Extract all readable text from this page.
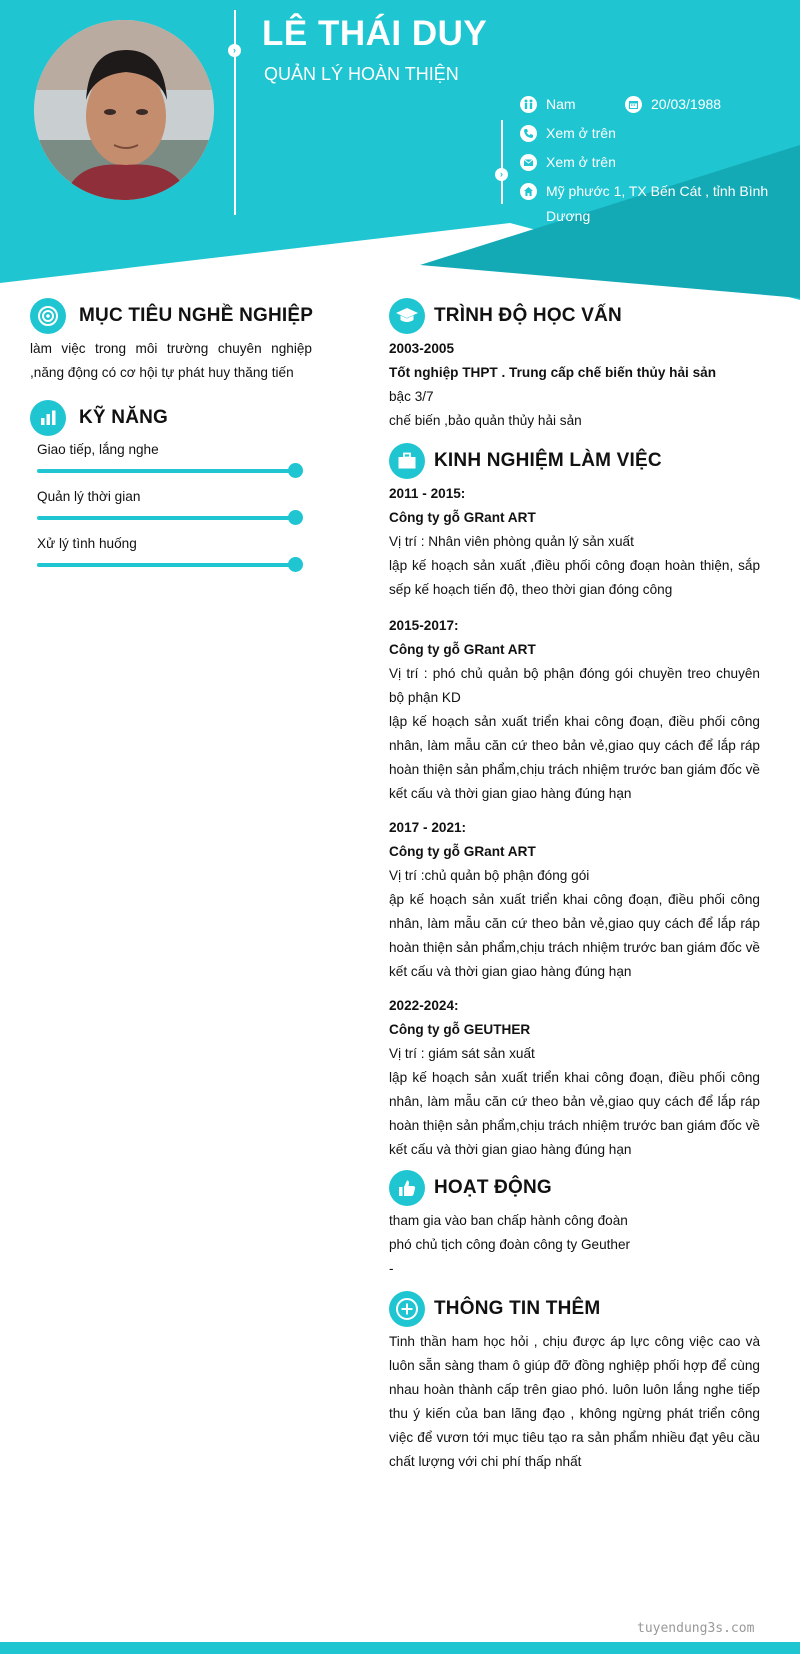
› LÊ THÁI DUY
QUẢN LÝ HOÀN THIỆN
›
Nam	20/03/1988
Xem ở trên
Xem ở trên
Mỹ phước 1, TX Bến Cát , tỉnh Bình Dương
MỤC TIÊU NGHỀ NGHIỆP
làm việc trong môi trường chuyên nghiệp ,năng động có cơ hội tự phát huy thăng tiến
KỸ NĂNG
Giao tiếp, lắng nghe
Quản lý thời gian
Xử lý tình huống
TRÌNH ĐỘ HỌC VẤN
2003-2005
Tốt nghiệp THPT . Trung cấp chế biến thủy hải sản
bậc 3/7
chế biến ,bảo quản thủy hải sản
KINH NGHIỆM LÀM VIỆC
2011 - 2015:
Công ty gỗ GRant ART
Vị trí : Nhân viên phòng quản lý sản xuất
lập kế hoạch sản xuất ,điều phối công đoạn hoàn thiện, sắp sếp kế hoạch tiến độ, theo thời gian đóng công
2015-2017:
Công ty gỗ GRant ART
Vị trí : phó chủ quản bộ phận đóng gói chuyền treo chuyên bộ phận KD
lập kế hoạch sản xuất triển khai công đoạn, điều phối công nhân, làm mẫu căn cứ theo bản vẻ,giao quy cách để lắp ráp hoàn thiện sản phẩm,chịu trách nhiệm trước ban giám đốc về kết cấu và thời gian giao hàng đúng hạn
2017 - 2021:
Công ty gỗ GRant ART
Vị trí :chủ quản bộ phận đóng gói
ập kế hoạch sản xuất triển khai công đoạn, điều phối công nhân, làm mẫu căn cứ theo bản vẻ,giao quy cách để lắp ráp hoàn thiện sản phẩm,chịu trách nhiệm trước ban giám đốc về kết cấu và thời gian giao hàng đúng hạn
2022-2024:
Công ty gỗ GEUTHER
Vị trí : giám sát sản xuất
lập kế hoạch sản xuất triển khai công đoạn, điều phối công nhân, làm mẫu căn cứ theo bản vẻ,giao quy cách để lắp ráp hoàn thiện sản phẩm,chịu trách nhiệm trước ban giám đốc về kết cấu và thời gian giao hàng đúng hạn
HOẠT ĐỘNG
tham gia vào ban chấp hành công đoàn
phó chủ tịch công đoàn công ty Geuther
-
THÔNG TIN THÊM
Tinh thần ham học hỏi , chịu được áp lực công việc cao và luôn sẵn sàng tham ô giúp đỡ đồng nghiệp phối hợp để cùng nhau hoàn thành cấp trên giao phó. luôn luôn lắng nghe tiếp thu ý kiến của ban lãng đạo , không ngừng phát triển công việc để vươn tới mục tiêu tạo ra sản phẩm nhiều đạt yêu cầu chất lượng với chi phí thấp nhất
tuyendung3s.com
